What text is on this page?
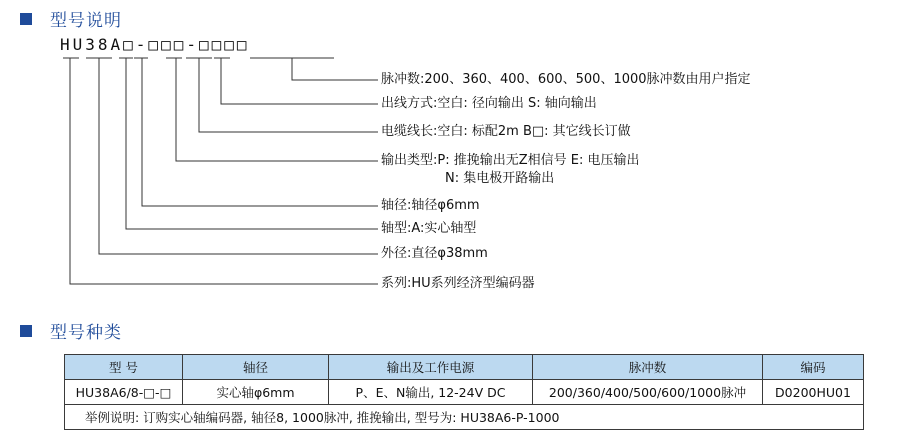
型号说明
HU38A□-□□□-□□□□
脉冲数:200、360、400、600、500、1000脉冲数由用户指定
出线方式:空白: 径向输出 S: 轴向输出
电缆线长:空白: 标配2m B□: 其它线长订做
输出类型:P: 推挽输出无Z相信号 E: 电压输出
N: 集电极开路输出
轴径:轴径φ6mm
轴型:A:实心轴型
外径:直径φ38mm
系列:HU系列经济型编码器
型号种类
型 号	轴径	输出及工作电源	脉冲数	编码
HU38A6/8-□-□	实心轴φ6mm	P、E、N输出, 12-24V DC	200/360/400/500/600/1000脉冲	D0200HU01
举例说明: 订购实心轴编码器, 轴径8, 1000脉冲, 推挽输出, 型号为: HU38A6-P-1000				
